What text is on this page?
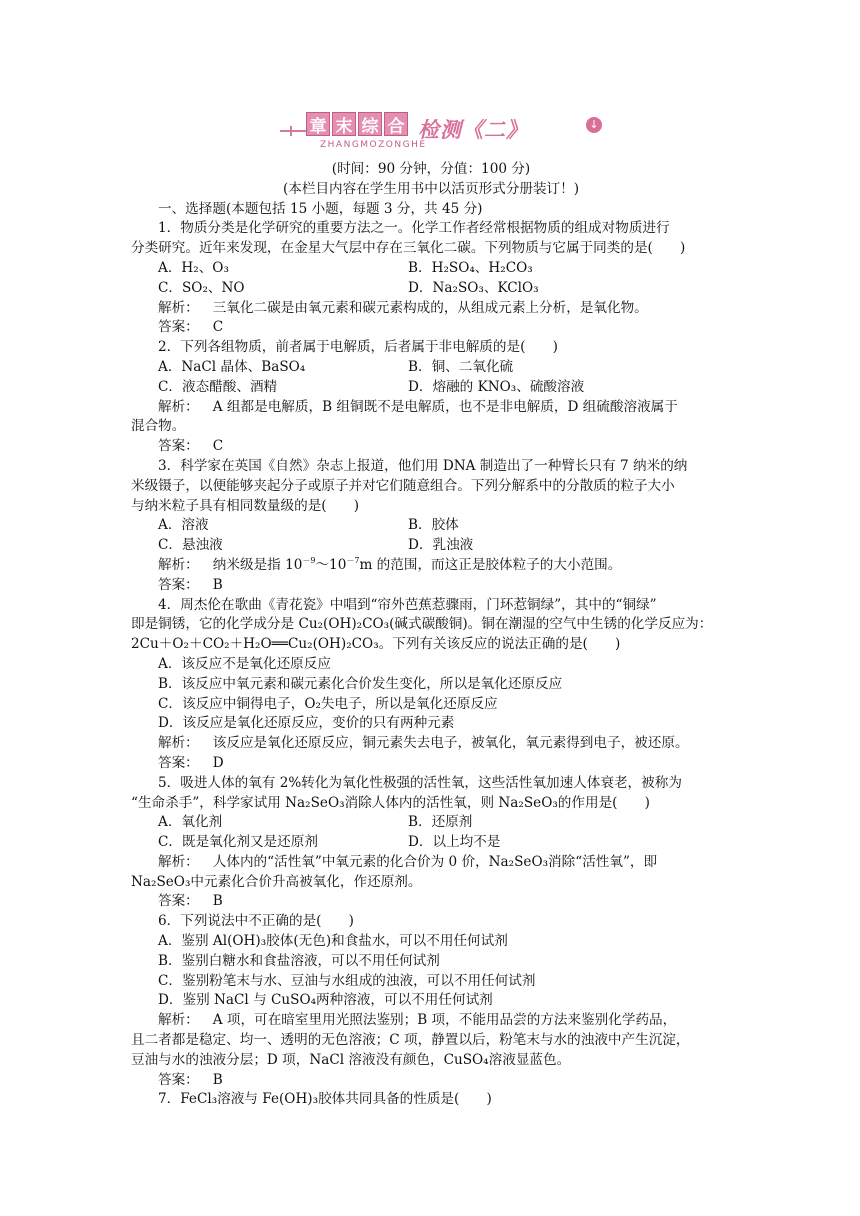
章 末 综 合
ZHANGMOZONGHE
检测《二》	↓
(时间：90 分钟，分值：100 分)
(本栏目内容在学生用书中以活页形式分册装订！)
一、选择题(本题包括 15 小题，每题 3 分，共 45 分)
1．物质分类是化学研究的重要方法之一。化学工作者经常根据物质的组成对物质进行
分类研究。近年来发现，在金星大气层中存在三氧化二碳。下列物质与它属于同类的是(　　)
A．H₂、O₃	B．H₂SO₄、H₂CO₃
C．SO₂、NO	D．Na₂SO₃、KClO₃
解析： 三氧化二碳是由氧元素和碳元素构成的，从组成元素上分析，是氧化物。
答案： C
2．下列各组物质，前者属于电解质，后者属于非电解质的是(　　)
A．NaCl 晶体、BaSO₄	B．铜、二氧化硫
C．液态醋酸、酒精	D．熔融的 KNO₃、硫酸溶液
解析： A 组都是电解质，B 组铜既不是电解质，也不是非电解质，D 组硫酸溶液属于
混合物。
答案： C
3．科学家在英国《自然》杂志上报道，他们用 DNA 制造出了一种臂长只有 7 纳米的纳
米级镊子，以便能够夹起分子或原子并对它们随意组合。下列分解系中的分散质的粒子大小
与纳米粒子具有相同数量级的是(　　)
A．溶液	B．胶体
C．悬浊液	D．乳浊液
解析： 纳米级是指 $10^{-9}\sim 10^{-7}m$ 的范围，而这正是胶体粒子的大小范围。
答案： B
4．周杰伦在歌曲《青花瓷》中唱到“帘外芭蕉惹骤雨，门环惹铜绿”，其中的“铜绿”
即是铜锈，它的化学成分是 Cu₂(OH)₂CO₃(碱式碳酸铜)。铜在潮湿的空气中生锈的化学反应为：
2Cu＋O₂＋CO₂＋H₂O══Cu₂(OH)₂CO₃。下列有关该反应的说法正确的是(　　)
A．该反应不是氧化还原反应
B．该反应中氧元素和碳元素化合价发生变化，所以是氧化还原反应
C．该反应中铜得电子，O₂失电子，所以是氧化还原反应
D．该反应是氧化还原反应，变价的只有两种元素
解析： 该反应是氧化还原反应，铜元素失去电子，被氧化，氧元素得到电子，被还原。
答案： D
5．吸进人体的氧有 2%转化为氧化性极强的活性氧，这些活性氧加速人体衰老，被称为
“生命杀手”，科学家试用 Na₂SeO₃消除人体内的活性氧，则 Na₂SeO₃的作用是(　　)
A．氧化剂	B．还原剂
C．既是氧化剂又是还原剂	D．以上均不是
解析： 人体内的“活性氧”中氧元素的化合价为 0 价，Na₂SeO₃消除“活性氧”，即
Na₂SeO₃中元素化合价升高被氧化，作还原剂。
答案： B
6．下列说法中不正确的是(　　)
A．鉴别 Al(OH)₃胶体(无色)和食盐水，可以不用任何试剂
B．鉴别白糖水和食盐溶液，可以不用任何试剂
C．鉴别粉笔末与水、豆油与水组成的浊液，可以不用任何试剂
D．鉴别 NaCl 与 CuSO₄两种溶液，可以不用任何试剂
解析： A 项，可在暗室里用光照法鉴别；B 项，不能用品尝的方法来鉴别化学药品，
且二者都是稳定、均一、透明的无色溶液；C 项，静置以后，粉笔末与水的浊液中产生沉淀，
豆油与水的浊液分层；D 项，NaCl 溶液没有颜色，CuSO₄溶液显蓝色。
答案： B
7．FeCl₃溶液与 Fe(OH)₃胶体共同具备的性质是(　　)
